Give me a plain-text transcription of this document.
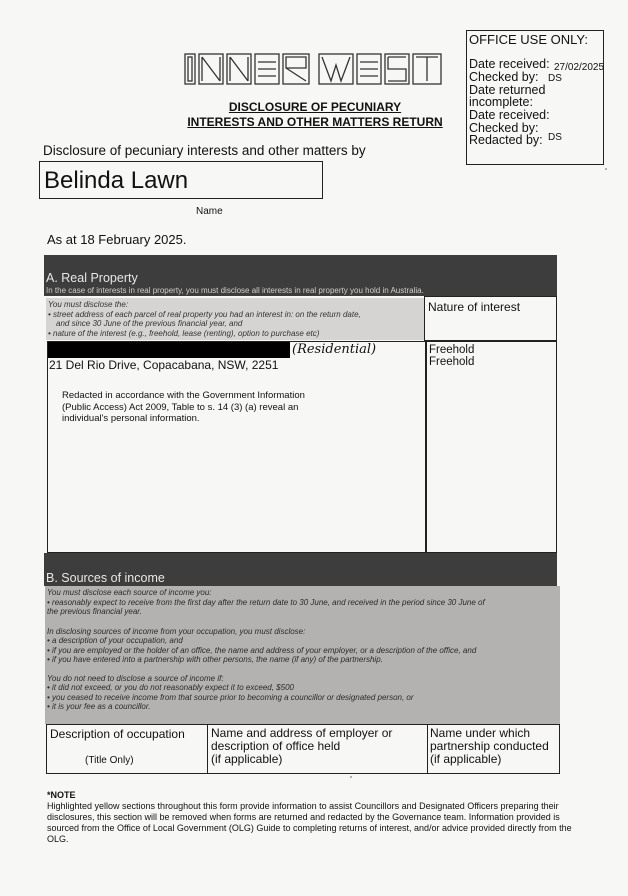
INNER WEST
DISCLOSURE OF PECUNIARY
INTERESTS AND OTHER MATTERS RETURN
OFFICE USE ONLY:
Date received: 27/02/2025
Checked by: DS
Date returned
incomplete:
Date received:
Checked by:
Redacted by: DS
Disclosure of pecuniary interests and other matters by
Belinda Lawn
Name
As at 18 February 2025.
A. Real Property
In the case of interests in real property, you must disclose all interests in real property you hold in Australia.
You must disclose the:
• street address of each parcel of real property you had an interest in: on the return date,
and since 30 June of the previous financial year, and
• nature of the interest (e.g., freehold, lease (renting), option to purchase etc)
Nature of interest
(Residential)
21 Del Rio Drive, Copacabana, NSW, 2251
Redacted in accordance with the Government Information (Public Access) Act 2009, Table to s. 14 (3) (a) reveal an individual's personal information.
Freehold
Freehold
B. Sources of income
You must disclose each source of income you:
• reasonably expect to receive from the first day after the return date to 30 June, and received in the period since 30 June of
the previous financial year.
In disclosing sources of income from your occupation, you must disclose:
• a description of your occupation, and
• if you are employed or the holder of an office, the name and address of your employer, or a description of the office, and
• if you have entered into a partnership with other persons, the name (if any) of the partnership.
You do not need to disclose a source of income if:
• it did not exceed, or you do not reasonably expect it to exceed, $500
• you ceased to receive income from that source prior to becoming a councillor or designated person, or
• it is your fee as a councillor.
Description of occupation
(Title Only)
Name and address of employer or
description of office held
(if applicable)
Name under which
partnership conducted
(if applicable)
*NOTE
Highlighted yellow sections throughout this form provide information to assist Councillors and Designated Officers preparing their disclosures, this section will be removed when forms are returned and redacted by the Governance team. Information provided is sourced from the Office of Local Government (OLG) Guide to completing returns of interest, and/or advice provided directly from the OLG.
